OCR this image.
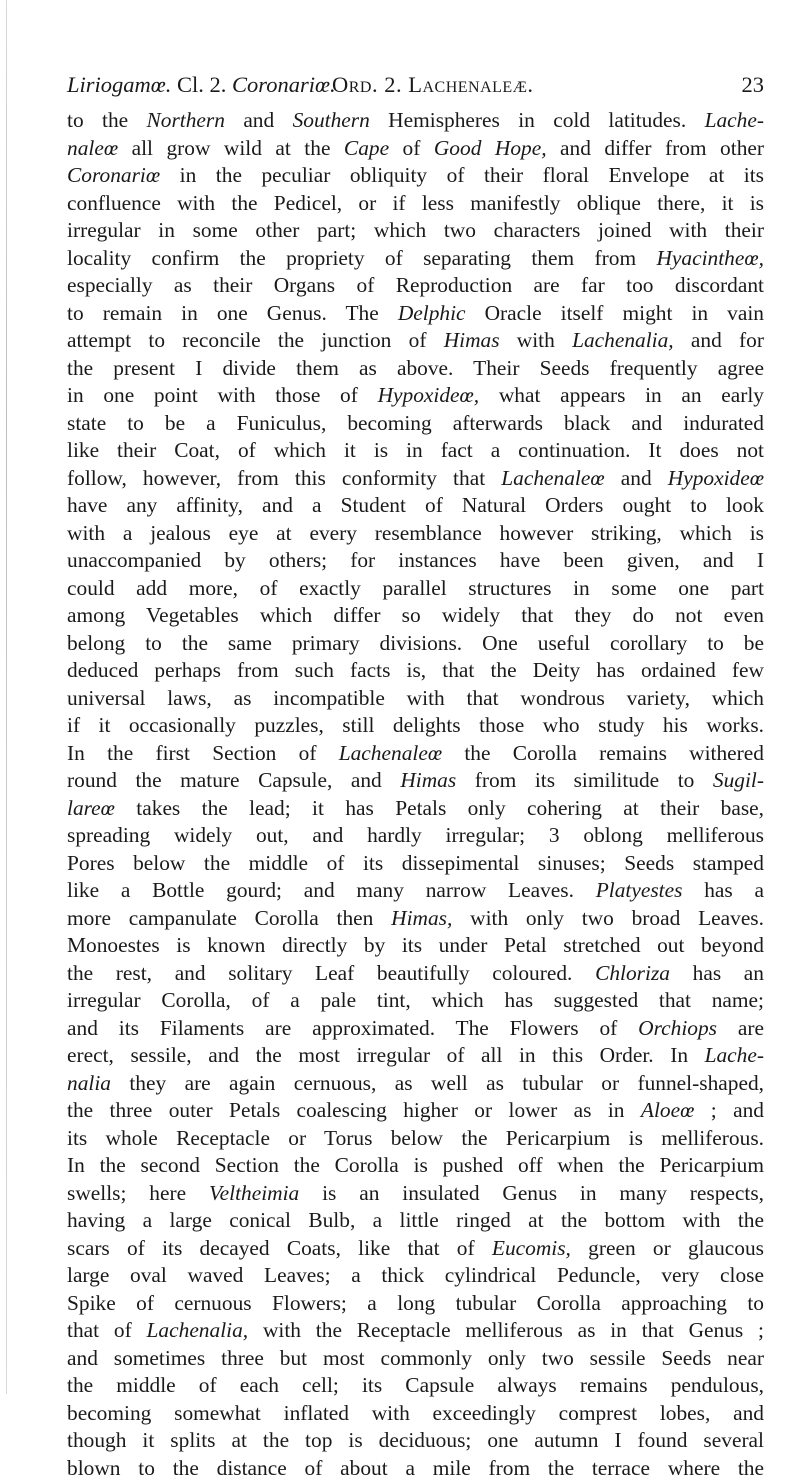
Liriogamœ. Cl. 2. Coronariœ.
Ord. 2. Lachenaleæ.	23
to the Northern and Southern Hemispheres in cold latitudes. Lache-
naleœ all grow wild at the Cape of Good Hope, and differ from other
Coronariœ in the peculiar obliquity of their floral Envelope at its
confluence with the Pedicel, or if less manifestly oblique there, it is
irregular in some other part; which two characters joined with their
locality confirm the propriety of separating them from Hyacintheœ,
especially as their Organs of Reproduction are far too discordant
to remain in one Genus. The Delphic Oracle itself might in vain
attempt to reconcile the junction of Himas with Lachenalia, and for
the present I divide them as above. Their Seeds frequently agree
in one point with those of Hypoxideœ, what appears in an early
state to be a Funiculus, becoming afterwards black and indurated
like their Coat, of which it is in fact a continuation. It does not
follow, however, from this conformity that Lachenaleœ and Hypoxideœ
have any affinity, and a Student of Natural Orders ought to look
with a jealous eye at every resemblance however striking, which is
unaccompanied by others; for instances have been given, and I
could add more, of exactly parallel structures in some one part
among Vegetables which differ so widely that they do not even
belong to the same primary divisions. One useful corollary to be
deduced perhaps from such facts is, that the Deity has ordained few
universal laws, as incompatible with that wondrous variety, which
if it occasionally puzzles, still delights those who study his works.
In the first Section of Lachenaleœ the Corolla remains withered
round the mature Capsule, and Himas from its similitude to Sugil-
lareœ takes the lead; it has Petals only cohering at their base,
spreading widely out, and hardly irregular; 3 oblong melliferous
Pores below the middle of its dissepimental sinuses; Seeds stamped
like a Bottle gourd; and many narrow Leaves. Platyestes has a
more campanulate Corolla then Himas, with only two broad Leaves.
Monoestes is known directly by its under Petal stretched out beyond
the rest, and solitary Leaf beautifully coloured. Chloriza has an
irregular Corolla, of a pale tint, which has suggested that name;
and its Filaments are approximated. The Flowers of Orchiops are
erect, sessile, and the most irregular of all in this Order. In Lache-
nalia they are again cernuous, as well as tubular or funnel-shaped,
the three outer Petals coalescing higher or lower as in Aloeœ ; and
its whole Receptacle or Torus below the Pericarpium is melliferous.
In the second Section the Corolla is pushed off when the Pericarpium
swells; here Veltheimia is an insulated Genus in many respects,
having a large conical Bulb, a little ringed at the bottom with the
scars of its decayed Coats, like that of Eucomis, green or glaucous
large oval waved Leaves; a thick cylindrical Peduncle, very close
Spike of cernuous Flowers; a long tubular Corolla approaching to
that of Lachenalia, with the Receptacle melliferous as in that Genus ;
and sometimes three but most commonly only two sessile Seeds near
the middle of each cell; its Capsule always remains pendulous,
becoming somewhat inflated with exceedingly comprest lobes, and
though it splits at the top is deciduous; one autumn I found several
blown to the distance of about a mile from the terrace where the
